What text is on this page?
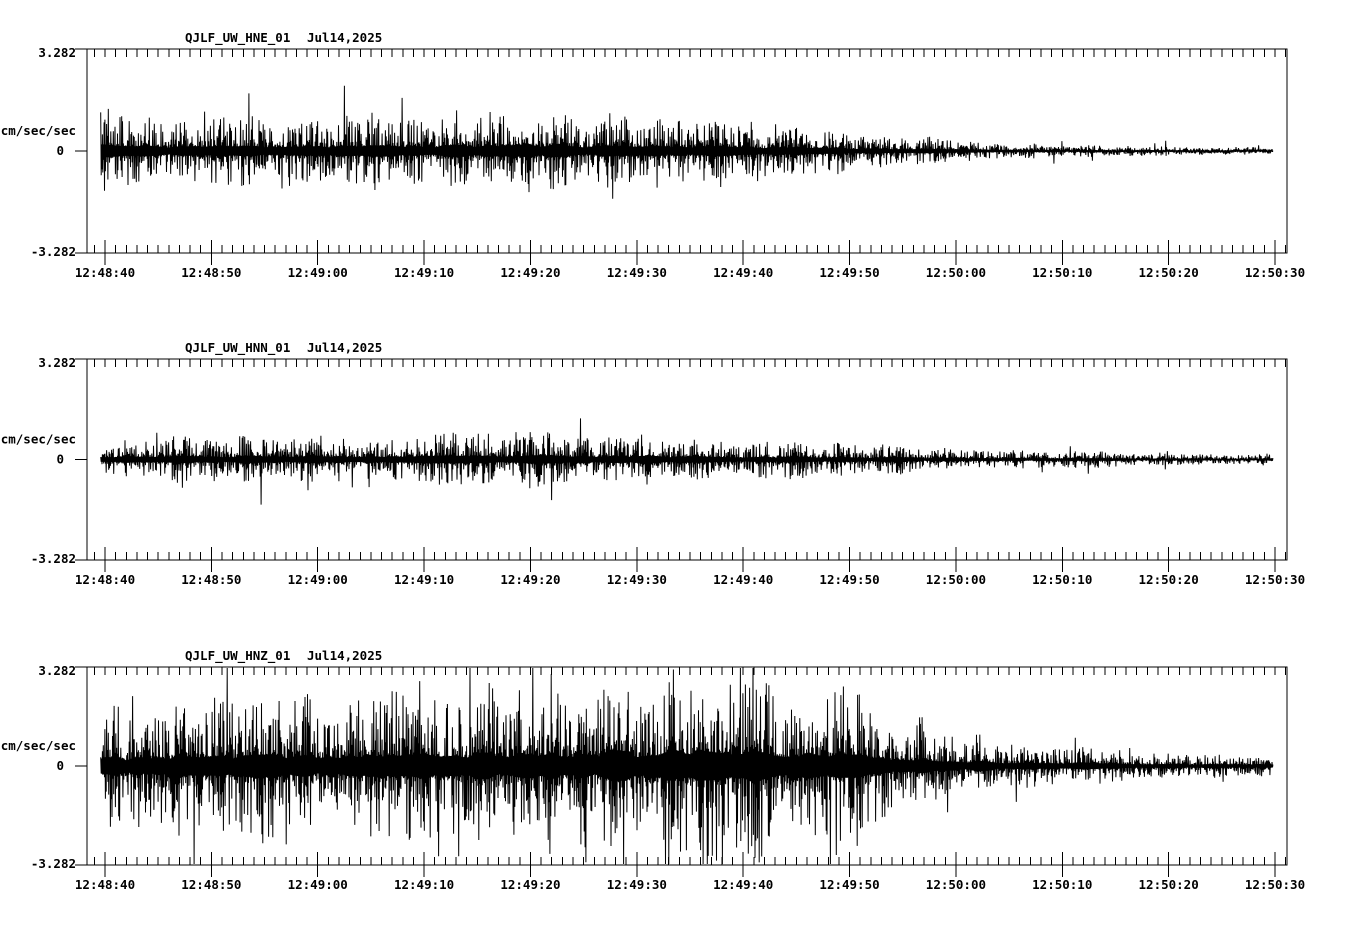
QJLF_UW_HNE_01 Jul14,2025
3.282
cm/sec/sec
0
-3.282
12:48:40	12:48:50	12:49:00	12:49:10	12:49:20	12:49:30	12:49:40	12:49:50	12:50:00	12:50:10	12:50:20	12:50:30
QJLF_UW_HNN_01 Jul14,2025
3.282
cm/sec/sec
0
-3.282
12:48:40	12:48:50	12:49:00	12:49:10	12:49:20	12:49:30	12:49:40	12:49:50	12:50:00	12:50:10	12:50:20	12:50:30
QJLF_UW_HNZ_01 Jul14,2025
3.282
cm/sec/sec
0
-3.282
12:48:40	12:48:50	12:49:00	12:49:10	12:49:20	12:49:30	12:49:40	12:49:50	12:50:00	12:50:10	12:50:20	12:50:30
